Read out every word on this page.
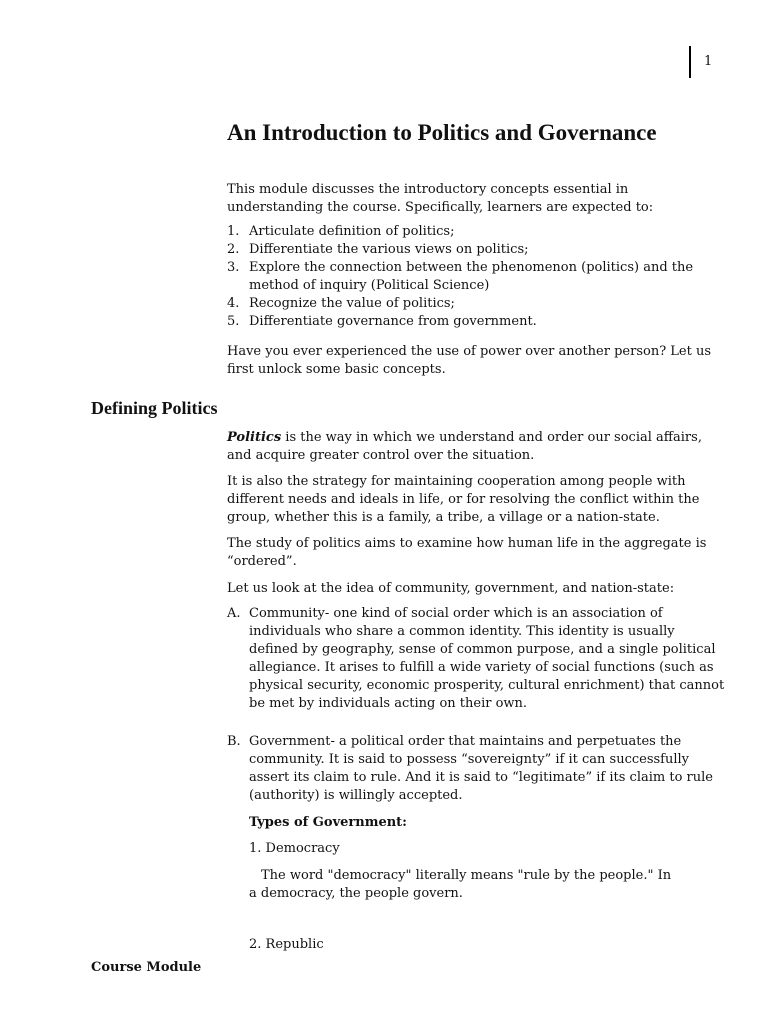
1
An Introduction to Politics and Governance

This module discusses the introductory concepts essential in understanding the course. Specifically, learners are expected to:

1. Articulate definition of politics;
2. Differentiate the various views on politics;
3. Explore the connection between the phenomenon (politics) and the method of inquiry (Political Science)
4. Recognize the value of politics;
5. Differentiate governance from government.

Have you ever experienced the use of power over another person? Let us first unlock some basic concepts.

Defining Politics

Politics is the way in which we understand and order our social affairs, and acquire greater control over the situation.

It is also the strategy for maintaining cooperation among people with different needs and ideals in life, or for resolving the conflict within the group, whether this is a family, a tribe, a village or a nation-state.

The study of politics aims to examine how human life in the aggregate is “ordered”.

Let us look at the idea of community, government, and nation-state:

A. Community- one kind of social order which is an association of individuals who share a common identity. This identity is usually defined by geography, sense of common purpose, and a single political allegiance. It arises to fulfill a wide variety of social functions (such as physical security, economic prosperity, cultural enrichment) that cannot be met by individuals acting on their own.
B. Government- a political order that maintains and perpetuates the community. It is said to possess “sovereignty” if it can successfully assert its claim to rule. And it is said to “legitimate” if its claim to rule (authority) is willingly accepted.

Types of Government:

1. Democracy

The word "democracy" literally means "rule by the people." In a democracy, the people govern.

2. Republic

Course Module
